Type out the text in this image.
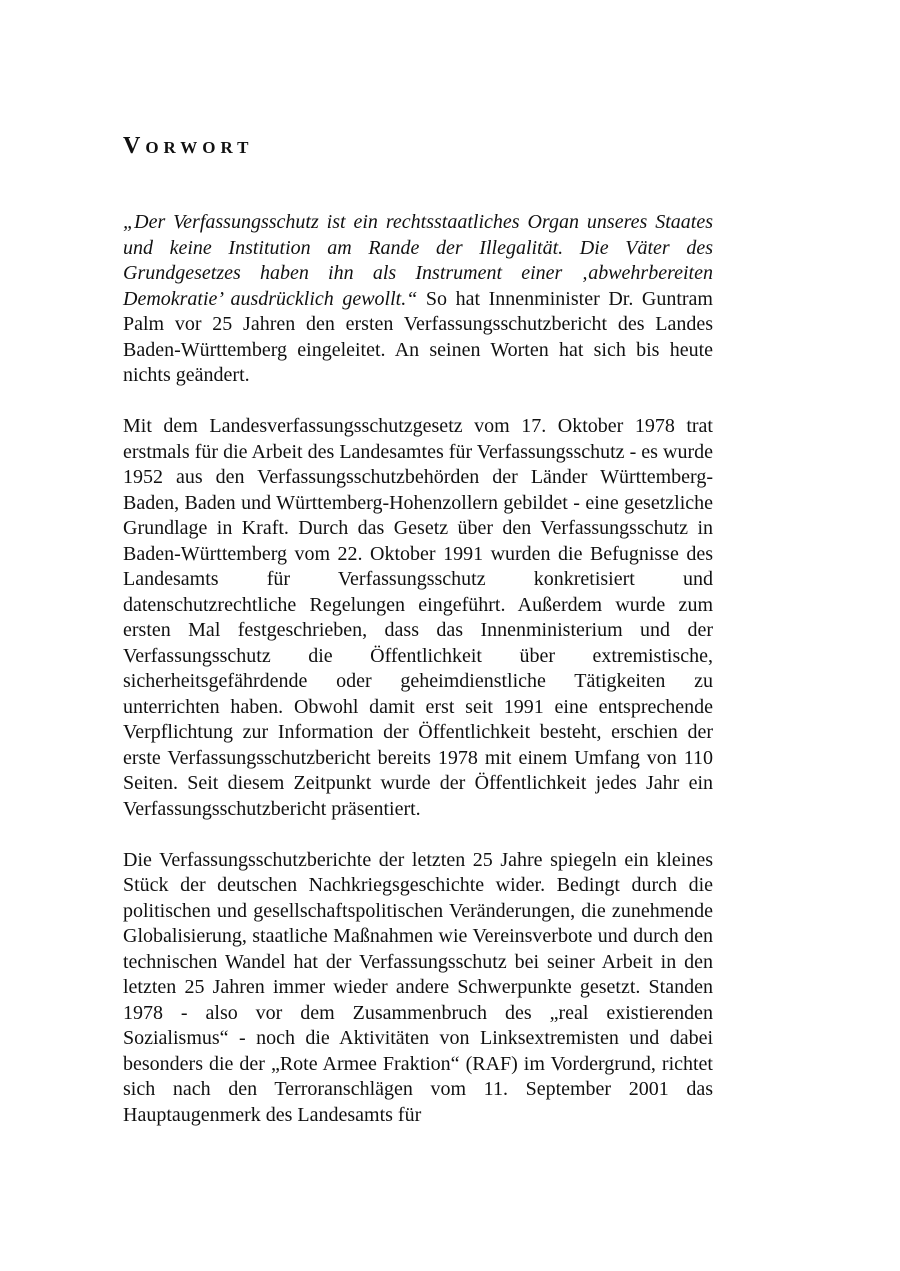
Vorwort

„Der Verfassungsschutz ist ein rechtsstaatliches Organ unseres Staates und keine Institution am Rande der Illegalität. Die Väter des Grundgesetzes haben ihn als Instrument einer ‚abwehrbereiten Demokratie’ ausdrücklich gewollt.“ So hat Innenminister Dr. Guntram Palm vor 25 Jahren den ersten Verfassungsschutzbericht des Landes Baden-Württemberg eingeleitet. An seinen Worten hat sich bis heute nichts geändert.

Mit dem Landesverfassungsschutzgesetz vom 17. Oktober 1978 trat erstmals für die Arbeit des Landesamtes für Verfassungsschutz - es wurde 1952 aus den Verfassungsschutzbehörden der Länder Württemberg-Baden, Baden und Württemberg-Hohenzollern gebildet - eine gesetzliche Grundlage in Kraft. Durch das Gesetz über den Verfassungsschutz in Baden-Württemberg vom 22. Oktober 1991 wurden die Befugnisse des Landesamts für Verfassungsschutz konkretisiert und datenschutzrechtliche Regelungen eingeführt. Außerdem wurde zum ersten Mal festgeschrieben, dass das Innenministerium und der Verfassungsschutz die Öffentlichkeit über extremistische, sicherheitsgefährdende oder geheimdienstliche Tätigkeiten zu unterrichten haben. Obwohl damit erst seit 1991 eine entsprechende Verpflichtung zur Information der Öffentlichkeit besteht, erschien der erste Verfassungsschutzbericht bereits 1978 mit einem Umfang von 110 Seiten. Seit diesem Zeitpunkt wurde der Öffentlichkeit jedes Jahr ein Verfassungsschutzbericht präsentiert.

Die Verfassungsschutzberichte der letzten 25 Jahre spiegeln ein kleines Stück der deutschen Nachkriegsgeschichte wider. Bedingt durch die politischen und gesellschaftspolitischen Veränderungen, die zunehmende Globalisierung, staatliche Maßnahmen wie Vereinsverbote und durch den technischen Wandel hat der Verfassungsschutz bei seiner Arbeit in den letzten 25 Jahren immer wieder andere Schwerpunkte gesetzt. Standen 1978 - also vor dem Zusammenbruch des „real existierenden Sozialismus“ - noch die Aktivitäten von Linksextremisten und dabei besonders die der „Rote Armee Fraktion“ (RAF) im Vordergrund, richtet sich nach den Terroranschlägen vom 11. September 2001 das Hauptaugenmerk des Landesamts für
